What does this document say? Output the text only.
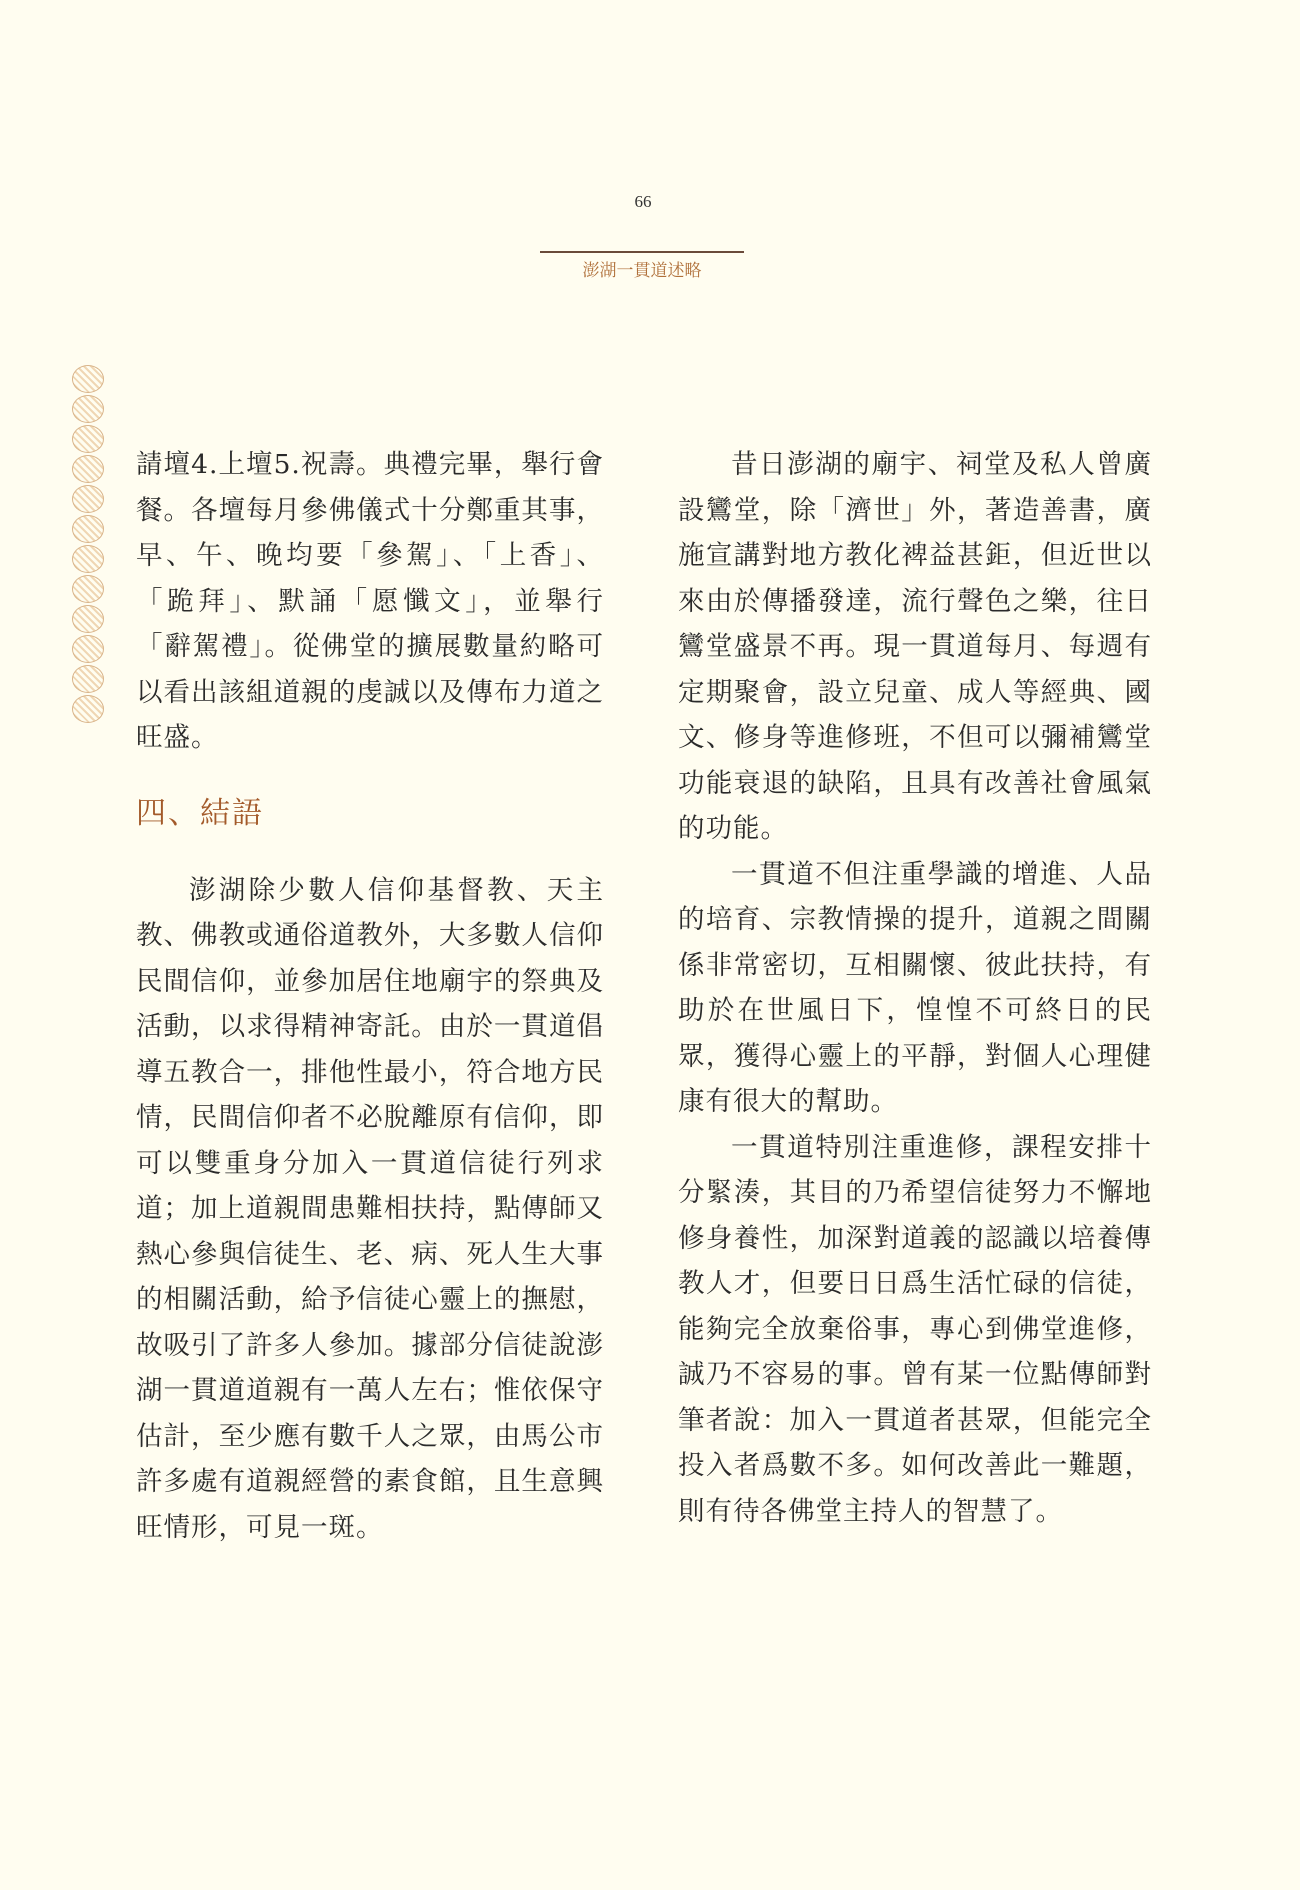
66
澎湖一貫道述略

請壇4.上壇5.祝壽。典禮完畢，舉行會餐。各壇每月參佛儀式十分鄭重其事，早、午、晚均要「參駕」、「上香」、「跪拜」、默誦「愿懺文」，並舉行「辭駕禮」。從佛堂的擴展數量約略可以看出該組道親的虔誠以及傳布力道之旺盛。

四、結語

澎湖除少數人信仰基督教、天主教、佛教或通俗道教外，大多數人信仰民間信仰，並參加居住地廟宇的祭典及活動，以求得精神寄託。由於一貫道倡導五教合一，排他性最小，符合地方民情，民間信仰者不必脫離原有信仰，即可以雙重身分加入一貫道信徒行列求道；加上道親間患難相扶持，點傳師又熱心參與信徒生、老、病、死人生大事的相關活動，給予信徒心靈上的撫慰，故吸引了許多人參加。據部分信徒說澎湖一貫道道親有一萬人左右；惟依保守估計，至少應有數千人之眾，由馬公市許多處有道親經營的素食館，且生意興旺情形，可見一斑。

昔日澎湖的廟宇、祠堂及私人曾廣設鸞堂，除「濟世」外，著造善書，廣施宣講對地方教化裨益甚鉅，但近世以來由於傳播發達，流行聲色之樂，往日鸞堂盛景不再。現一貫道每月、每週有定期聚會，設立兒童、成人等經典、國文、修身等進修班，不但可以彌補鸞堂功能衰退的缺陷，且具有改善社會風氣的功能。

一貫道不但注重學識的增進、人品的培育、宗教情操的提升，道親之間關係非常密切，互相關懷、彼此扶持，有助於在世風日下，惶惶不可終日的民眾，獲得心靈上的平靜，對個人心理健康有很大的幫助。

一貫道特別注重進修，課程安排十分緊湊，其目的乃希望信徒努力不懈地修身養性，加深對道義的認識以培養傳教人才，但要日日爲生活忙碌的信徒，能夠完全放棄俗事，專心到佛堂進修，誠乃不容易的事。曾有某一位點傳師對筆者說：加入一貫道者甚眾，但能完全投入者爲數不多。如何改善此一難題，則有待各佛堂主持人的智慧了。
